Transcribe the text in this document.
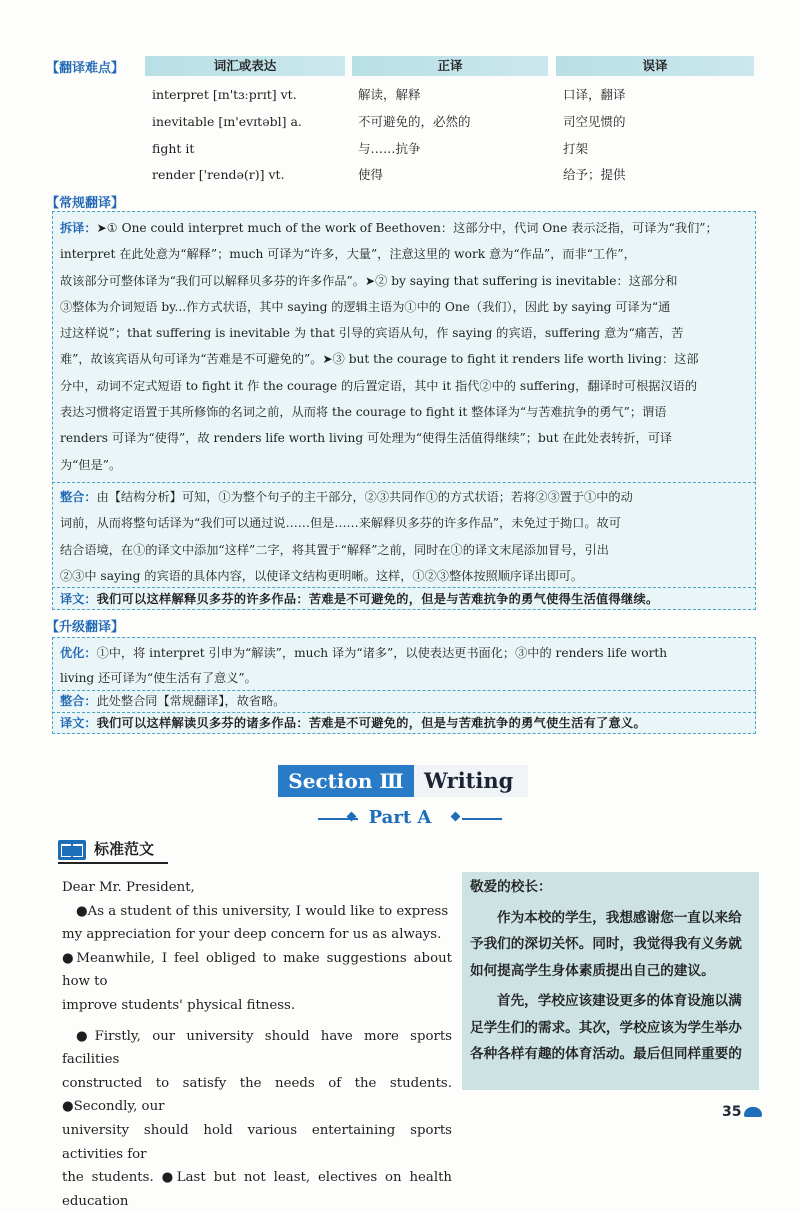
【翻译难点】	词汇或表达	正译	误译
interpret [ɪn'tɜːprɪt] vt.	解读，解释	口译，翻译
inevitable [ɪn'evɪtəbl] a.	不可避免的，必然的	司空见惯的
fight it	与……抗争	打架
render ['rendə(r)] vt.	使得	给予；提供
【常规翻译】
拆译：➤① One could interpret much of the work of Beethoven：这部分中，代词 One 表示泛指，可译为“我们”；
interpret 在此处意为“解释”；much 可译为“许多，大量”，注意这里的 work 意为“作品”，而非“工作”，
故该部分可整体译为“我们可以解释贝多芬的许多作品”。➤② by saying that suffering is inevitable：这部分和
③整体为介词短语 by...作方式状语，其中 saying 的逻辑主语为①中的 One（我们），因此 by saying 可译为“通
过这样说”；that suffering is inevitable 为 that 引导的宾语从句，作 saying 的宾语，suffering 意为“痛苦，苦
难”，故该宾语从句可译为“苦难是不可避免的”。➤③ but the courage to fight it renders life worth living：这部
分中，动词不定式短语 to fight it 作 the courage 的后置定语，其中 it 指代②中的 suffering，翻译时可根据汉语的
表达习惯将定语置于其所修饰的名词之前，从而将 the courage to fight it 整体译为“与苦难抗争的勇气”；谓语
renders 可译为“使得”，故 renders life worth living 可处理为“使得生活值得继续”；but 在此处表转折，可译
为“但是”。
整合：由【结构分析】可知，①为整个句子的主干部分，②③共同作①的方式状语；若将②③置于①中的动
词前，从而将整句话译为“我们可以通过说……但是……来解释贝多芬的许多作品”，未免过于拗口。故可
结合语境，在①的译文中添加“这样”二字，将其置于“解释”之前，同时在①的译文末尾添加冒号，引出
②③中 saying 的宾语的具体内容，以使译文结构更明晰。这样，①②③整体按照顺序译出即可。
译文：我们可以这样解释贝多芬的许多作品：苦难是不可避免的，但是与苦难抗争的勇气使得生活值得继续。
【升级翻译】
优化：①中，将 interpret 引申为“解读”，much 译为“诸多”，以使表达更书面化；③中的 renders life worth
living 还可译为“使生活有了意义”。
整合：此处整合同【常规翻译】，故省略。
译文：我们可以这样解读贝多芬的诸多作品：苦难是不可避免的，但是与苦难抗争的勇气使生活有了意义。
Section Ⅲ Writing
Part A
标准范文
Dear Mr. President,
●As a student of this university, I would like to express
my appreciation for your deep concern for us as always.
●Meanwhile, I feel obliged to make suggestions about how to
improve students' physical fitness.
●Firstly, our university should have more sports facilities
constructed to satisfy the needs of the students. ●Secondly, our
university should hold various entertaining sports activities for
the students. ●Last but not least, electives on health education
敬爱的校长：
作为本校的学生，我想感谢您一直以来给
予我们的深切关怀。同时，我觉得我有义务就
如何提高学生身体素质提出自己的建议。
首先，学校应该建设更多的体育设施以满
足学生们的需求。其次，学校应该为学生举办
各种各样有趣的体育活动。最后但同样重要的
35
